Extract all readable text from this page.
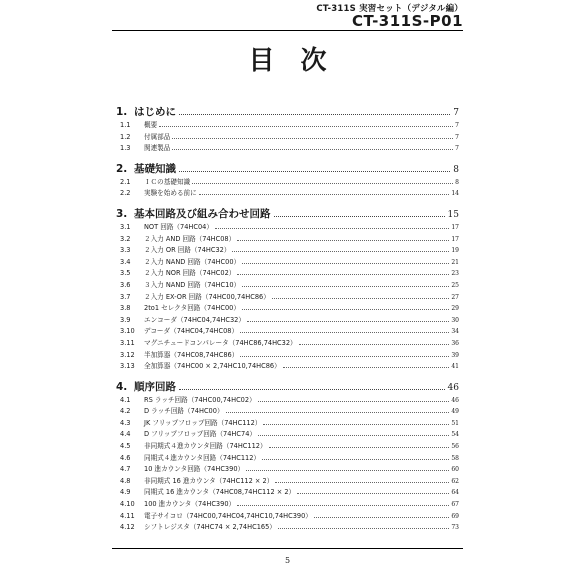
CT-311S 実習セット（デジタル編）
CT-311S-P01
目次
1. はじめに	7
1.1	概要	7
1.2	付属部品	7
1.3	関連製品	7
2. 基礎知識	8
2.1	ＩＣの基礎知識	8
2.2	実験を始める前に	14
3. 基本回路及び組み合わせ回路	15
3.1	NOT 回路（74HC04）	17
3.2	２入力 AND 回路（74HC08）	17
3.3	２入力 OR 回路（74HC32）	19
3.4	２入力 NAND 回路（74HC00）	21
3.5	２入力 NOR 回路（74HC02）	23
3.6	３入力 NAND 回路（74HC10）	25
3.7	２入力 EX-OR 回路（74HC00,74HC86）	27
3.8	2to1 セレクタ回路（74HC00）	29
3.9	エンコーダ（74HC04,74HC32）	30
3.10	デコーダ（74HC04,74HC08）	34
3.11	マグニチュードコンパレータ（74HC86,74HC32）	36
3.12	半加算器（74HC08,74HC86）	39
3.13	全加算器（74HC00 × 2,74HC10,74HC86）	41
4. 順序回路	46
4.1	RS ラッチ回路（74HC00,74HC02）	46
4.2	D ラッチ回路（74HC00）	49
4.3	JK フリップフロップ回路（74HC112）	51
4.4	D フリップフロップ回路（74HC74）	54
4.5	非同期式４進カウンタ回路（74HC112）	56
4.6	同期式４進カウンタ回路（74HC112）	58
4.7	10 進カウンタ回路（74HC390）	60
4.8	非同期式 16 進カウンタ（74HC112 × 2）	62
4.9	同期式 16 進カウンタ（74HC08,74HC112 × 2）	64
4.10	100 進カウンタ（74HC390）	67
4.11	電子サイコロ（74HC00,74HC04,74HC10,74HC390）	69
4.12	シフトレジスタ（74HC74 × 2,74HC165）	73
5
